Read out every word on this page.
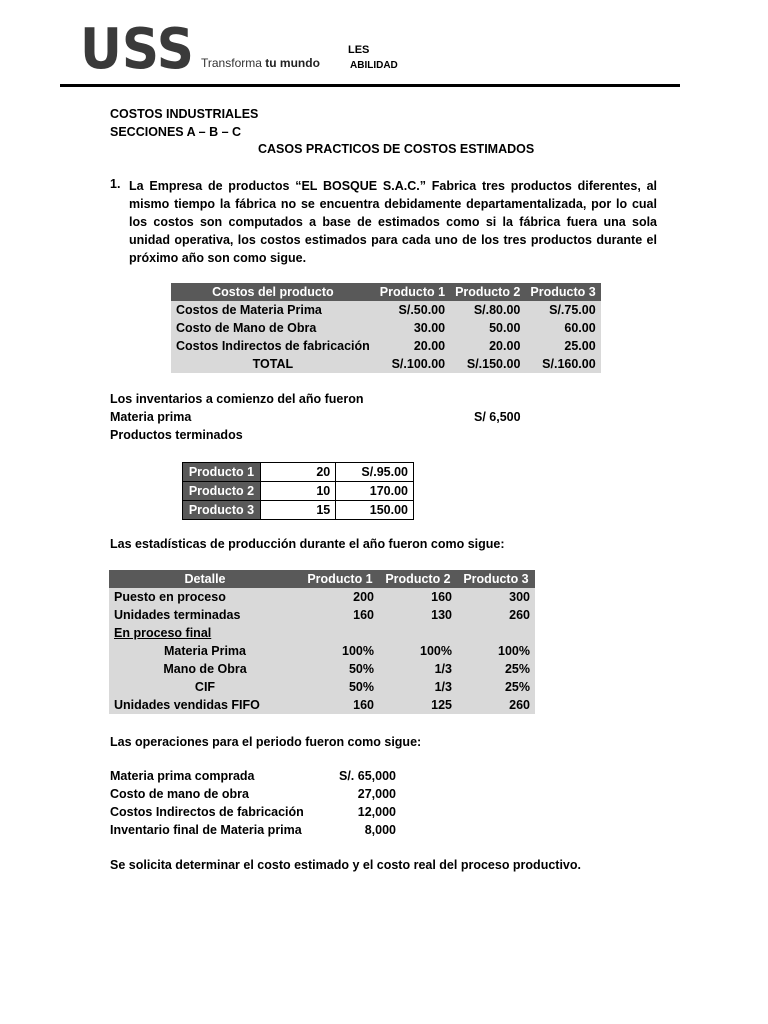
USS Transforma tu mundo
LES
ABILIDAD
COSTOS INDUSTRIALES
SECCIONES A – B – C
CASOS PRACTICOS DE COSTOS ESTIMADOS
1. La Empresa de productos “EL BOSQUE S.A.C.” Fabrica tres productos diferentes, al mismo tiempo la fábrica no se encuentra debidamente departamentalizada, por lo cual los costos son computados a base de estimados como si la fábrica fuera una sola unidad operativa, los costos estimados para cada uno de los tres productos durante el próximo año son como sigue.
Costos del producto	Producto 1	Producto 2	Producto 3
Costos de Materia Prima	S/.50.00	S/.80.00	S/.75.00
Costo de Mano de Obra	30.00	50.00	60.00
Costos Indirectos de fabricación	20.00	20.00	25.00
TOTAL	S/.100.00	S/.150.00	S/.160.00
Los inventarios a comienzo del año fueron
Materia prima	S/ 6,500
Productos terminados
Producto 1	20	S/.95.00
Producto 2	10	170.00
Producto 3	15	150.00
Las estadísticas de producción durante el año fueron como sigue:
Detalle	Producto 1	Producto 2	Producto 3
Puesto en proceso	200	160	300
Unidades terminadas	160	130	260
En proceso final			
Materia Prima	100%	100%	100%
Mano de Obra	50%	1/3	25%
CIF	50%	1/3	25%
Unidades vendidas FIFO	160	125	260
Las operaciones para el periodo fueron como sigue:
Materia prima comprada	S/. 65,000
Costo de mano de obra	27,000
Costos Indirectos de fabricación	12,000
Inventario final de Materia prima	8,000
Se solicita determinar el costo estimado y el costo real del proceso productivo.
